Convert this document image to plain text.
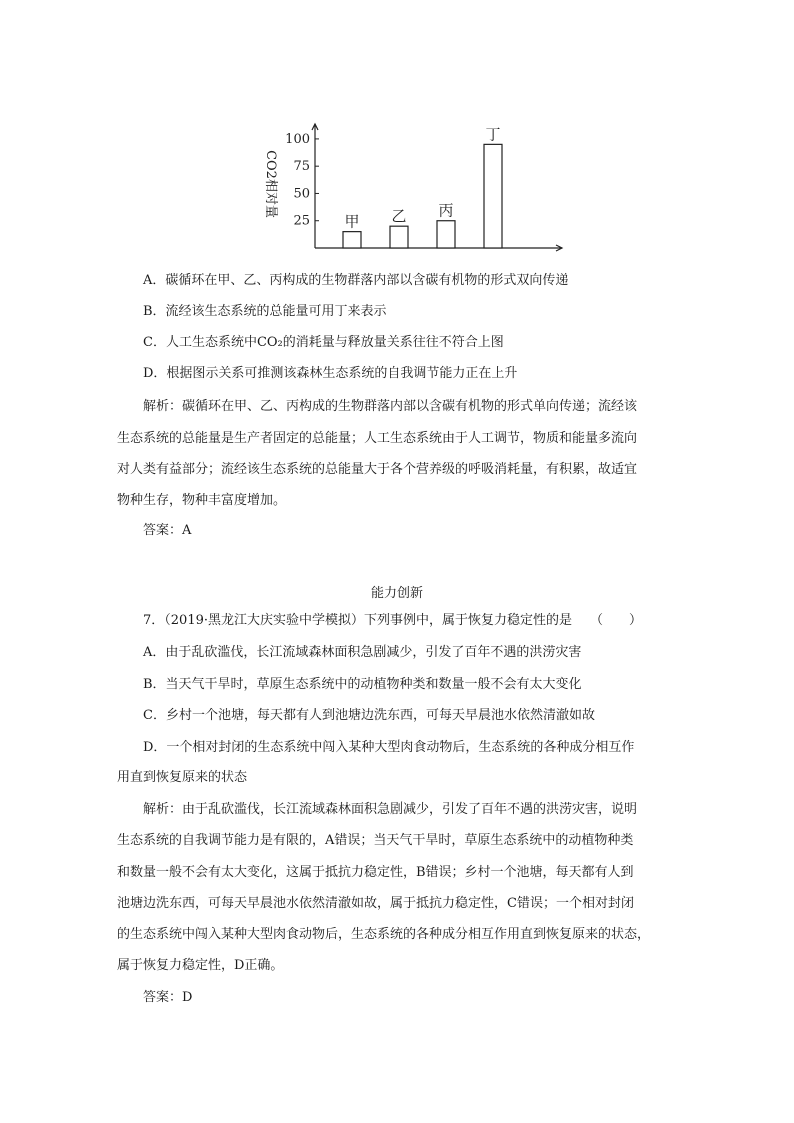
25
50
75
100
CO2相对量
甲 乙 丙
丁
A．碳循环在甲、乙、丙构成的生物群落内部以含碳有机物的形式双向传递
B．流经该生态系统的总能量可用丁来表示
C．人工生态系统中CO₂的消耗量与释放量关系往往不符合上图
D．根据图示关系可推测该森林生态系统的自我调节能力正在上升
解析：碳循环在甲、乙、丙构成的生物群落内部以含碳有机物的形式单向传递；流经该
生态系统的总能量是生产者固定的总能量；人工生态系统由于人工调节，物质和能量多流向
对人类有益部分；流经该生态系统的总能量大于各个营养级的呼吸消耗量，有积累，故适宜
物种生存，物种丰富度增加。
答案：A
能力创新
7．（2019·黑龙江大庆实验中学模拟）下列事例中，属于恢复力稳定性的是 （　　）
A．由于乱砍滥伐，长江流域森林面积急剧减少，引发了百年不遇的洪涝灾害
B．当天气干旱时，草原生态系统中的动植物种类和数量一般不会有太大变化
C．乡村一个池塘，每天都有人到池塘边洗东西，可每天早晨池水依然清澈如故
D．一个相对封闭的生态系统中闯入某种大型肉食动物后，生态系统的各种成分相互作
用直到恢复原来的状态
解析：由于乱砍滥伐，长江流域森林面积急剧减少，引发了百年不遇的洪涝灾害，说明
生态系统的自我调节能力是有限的，A错误；当天气干旱时，草原生态系统中的动植物种类
和数量一般不会有太大变化，这属于抵抗力稳定性，B错误；乡村一个池塘，每天都有人到
池塘边洗东西，可每天早晨池水依然清澈如故，属于抵抗力稳定性，C错误；一个相对封闭
的生态系统中闯入某种大型肉食动物后，生态系统的各种成分相互作用直到恢复原来的状态，
属于恢复力稳定性，D正确。
答案：D
